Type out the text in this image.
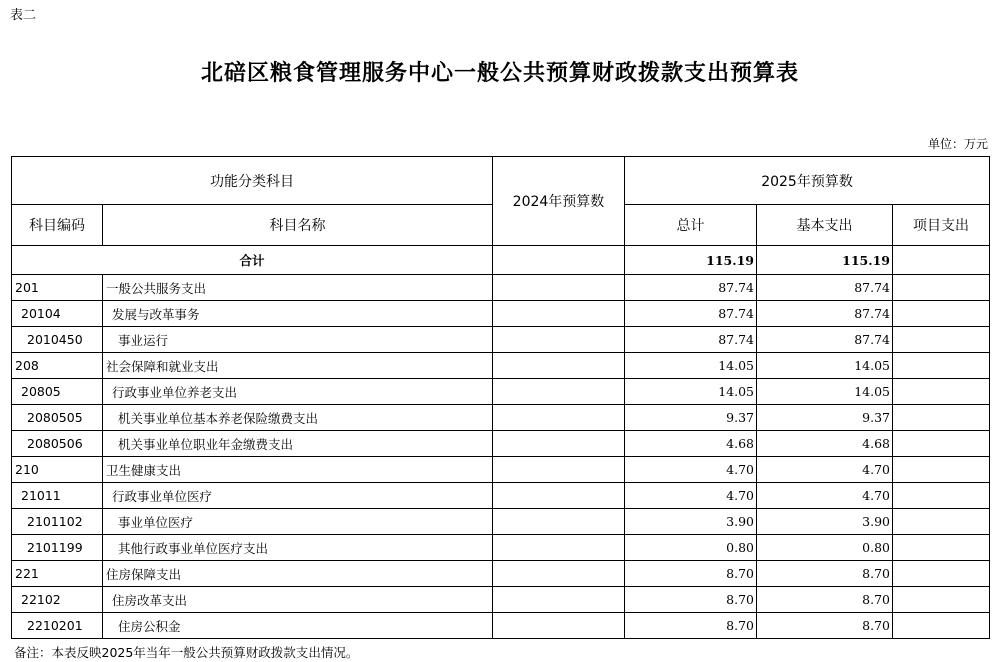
表二
北碚区粮食管理服务中心一般公共预算财政拨款支出预算表
单位：万元
功能分类科目		2024年预算数	2025年预算数		
科目编码	科目名称		总计	基本支出	项目支出
合计			115.19	115.19	
201	一般公共服务支出		87.74	87.74	
20104	发展与改革事务		87.74	87.74	
2010450	事业运行		87.74	87.74	
208	社会保障和就业支出		14.05	14.05	
20805	行政事业单位养老支出		14.05	14.05	
2080505	机关事业单位基本养老保险缴费支出		9.37	9.37	
2080506	机关事业单位职业年金缴费支出		4.68	4.68	
210	卫生健康支出		4.70	4.70	
21011	行政事业单位医疗		4.70	4.70	
2101102	事业单位医疗		3.90	3.90	
2101199	其他行政事业单位医疗支出		0.80	0.80	
221	住房保障支出		8.70	8.70	
22102	住房改革支出		8.70	8.70	
2210201	住房公积金		8.70	8.70	
备注：本表反映2025年当年一般公共预算财政拨款支出情况。
